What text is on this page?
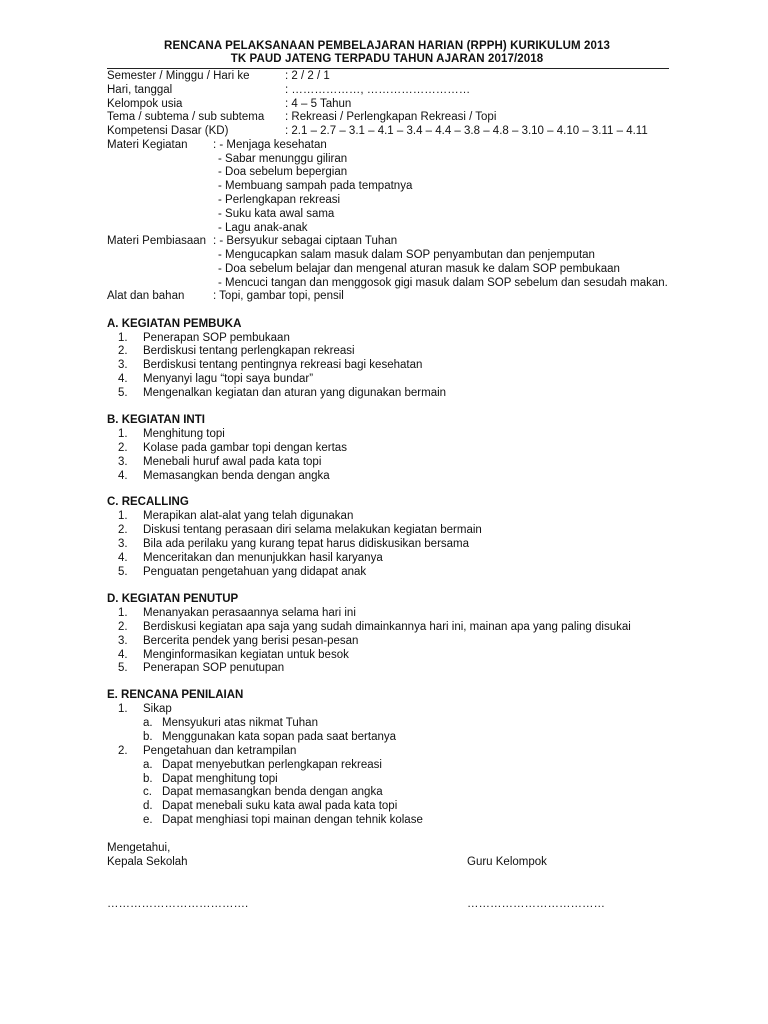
RENCANA PELAKSANAAN PEMBELAJARAN HARIAN (RPPH) KURIKULUM 2013
TK PAUD JATENG TERPADU TAHUN AJARAN 2017/2018
Semester / Minggu / Hari ke	: 2 / 2 / 1
Hari, tanggal	: ………………, ………………………
Kelompok usia	: 4 – 5 Tahun
Tema / subtema / sub subtema : Rekreasi / Perlengkapan Rekreasi / Topi
Kompetensi Dasar (KD)	: 2.1 – 2.7 – 3.1 – 4.1 – 3.4 – 4.4 – 3.8 – 4.8 – 3.10 – 4.10 – 3.11 – 4.11
Materi Kegiatan : - Menjaga kesehatan
- Sabar menunggu giliran
- Doa sebelum bepergian
- Membuang sampah pada tempatnya
- Perlengkapan rekreasi
- Suku kata awal sama
- Lagu anak-anak
Materi Pembiasaan : - Bersyukur sebagai ciptaan Tuhan
- Mengucapkan salam masuk dalam SOP penyambutan dan penjemputan
- Doa sebelum belajar dan mengenal aturan masuk ke dalam SOP pembukaan
- Mencuci tangan dan menggosok gigi masuk dalam SOP sebelum dan sesudah makan.
Alat dan bahan : Topi, gambar topi, pensil
A. KEGIATAN PEMBUKA
1. Penerapan SOP pembukaan
2. Berdiskusi tentang perlengkapan rekreasi
3. Berdiskusi tentang pentingnya rekreasi bagi kesehatan
4. Menyanyi lagu “topi saya bundar”
5. Mengenalkan kegiatan dan aturan yang digunakan bermain
B. KEGIATAN INTI
1. Menghitung topi
2. Kolase pada gambar topi dengan kertas
3. Menebali huruf awal pada kata topi
4. Memasangkan benda dengan angka
C. RECALLING
1. Merapikan alat-alat yang telah digunakan
2. Diskusi tentang perasaan diri selama melakukan kegiatan bermain
3. Bila ada perilaku yang kurang tepat harus didiskusikan bersama
4. Menceritakan dan menunjukkan hasil karyanya
5. Penguatan pengetahuan yang didapat anak
D. KEGIATAN PENUTUP
1. Menanyakan perasaannya selama hari ini
2. Berdiskusi kegiatan apa saja yang sudah dimainkannya hari ini, mainan apa yang paling disukai
3. Bercerita pendek yang berisi pesan-pesan
4. Menginformasikan kegiatan untuk besok
5. Penerapan SOP penutupan
E. RENCANA PENILAIAN
1. Sikap
a. Mensyukuri atas nikmat Tuhan
b. Menggunakan kata sopan pada saat bertanya
2. Pengetahuan dan ketrampilan
a. Dapat menyebutkan perlengkapan rekreasi
b. Dapat menghitung topi
c. Dapat memasangkan benda dengan angka
d. Dapat menebali suku kata awal pada kata topi
e. Dapat menghiasi topi mainan dengan tehnik kolase
Mengetahui,
Kepala Sekolah	Guru Kelompok
……………………………….	………………………………
